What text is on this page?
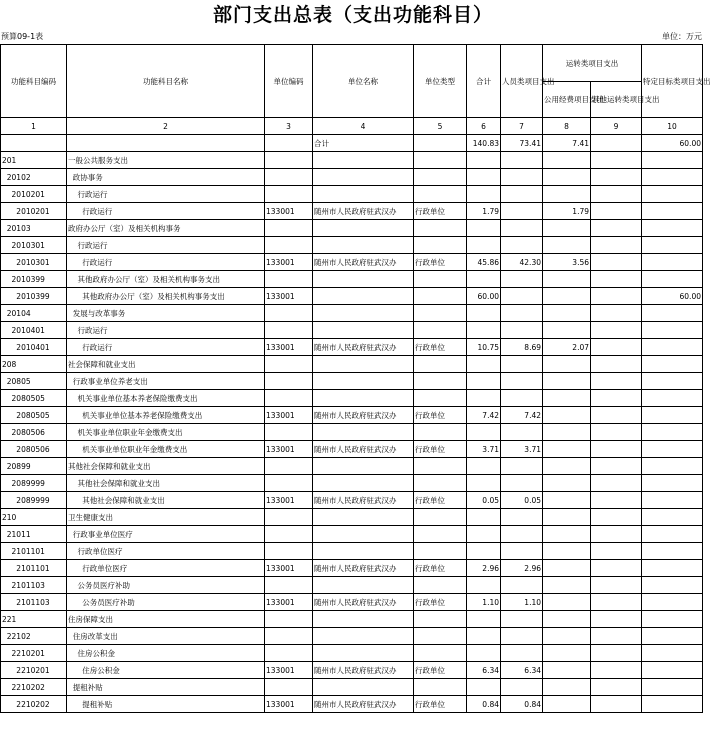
部门支出总表（支出功能科目）
预算09-1表	单位：万元
功能科目编码	功能科目名称	单位编码	单位名称	单位类型	合计	人员类项目支出	运转类项目支出		特定目标类项目支出
							公用经费项目支出	其他运转类项目支出	
1	2	3	4	5	6	7	8	9	10
			合计		140.83	73.41	7.41		60.00
201	一般公共服务支出								
20102	政协事务								
2010201	行政运行								
2010201	行政运行	133001	随州市人民政府驻武汉办	行政单位	1.79		1.79		
20103	政府办公厅（室）及相关机构事务								
2010301	行政运行								
2010301	行政运行	133001	随州市人民政府驻武汉办	行政单位	45.86	42.30	3.56		
2010399	其他政府办公厅（室）及相关机构事务支出								
2010399	其他政府办公厅（室）及相关机构事务支出	133001			60.00				60.00
20104	发展与改革事务								
2010401	行政运行								
2010401	行政运行	133001	随州市人民政府驻武汉办	行政单位	10.75	8.69	2.07		
208	社会保障和就业支出								
20805	行政事业单位养老支出								
2080505	机关事业单位基本养老保险缴费支出								
2080505	机关事业单位基本养老保险缴费支出	133001	随州市人民政府驻武汉办	行政单位	7.42	7.42			
2080506	机关事业单位职业年金缴费支出								
2080506	机关事业单位职业年金缴费支出	133001	随州市人民政府驻武汉办	行政单位	3.71	3.71			
20899	其他社会保障和就业支出								
2089999	其他社会保障和就业支出								
2089999	其他社会保障和就业支出	133001	随州市人民政府驻武汉办	行政单位	0.05	0.05			
210	卫生健康支出								
21011	行政事业单位医疗								
2101101	行政单位医疗								
2101101	行政单位医疗	133001	随州市人民政府驻武汉办	行政单位	2.96	2.96			
2101103	公务员医疗补助								
2101103	公务员医疗补助	133001	随州市人民政府驻武汉办	行政单位	1.10	1.10			
221	住房保障支出								
22102	住房改革支出								
2210201	住房公积金								
2210201	住房公积金	133001	随州市人民政府驻武汉办	行政单位	6.34	6.34			
2210202	提租补贴								
2210202	提租补贴	133001	随州市人民政府驻武汉办	行政单位	0.84	0.84			
